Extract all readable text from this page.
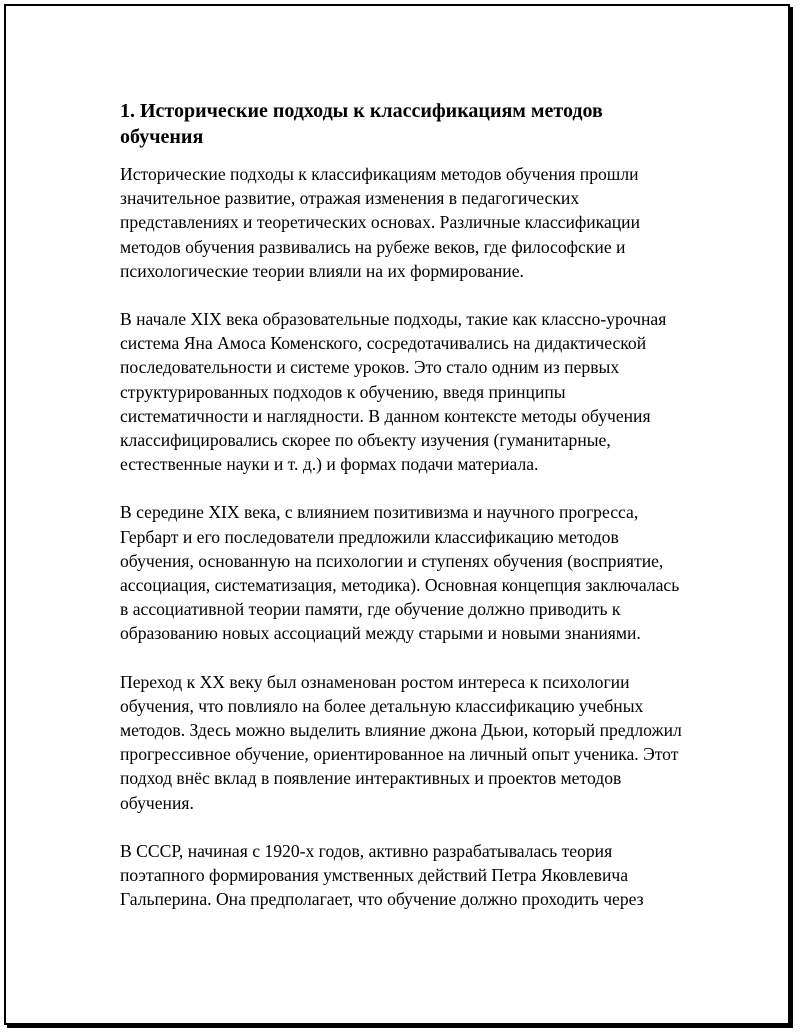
1. Исторические подходы к классификациям методов обучения

Исторические подходы к классификациям методов обучения прошли значительное развитие, отражая изменения в педагогических представлениях и теоретических основах. Различные классификации методов обучения развивались на рубеже веков, где философские и психологические теории влияли на их формирование.

В начале XIX века образовательные подходы, такие как классно-урочная система Яна Амоса Коменского, сосредотачивались на дидактической последовательности и системе уроков. Это стало одним из первых структурированных подходов к обучению, введя принципы систематичности и наглядности. В данном контексте методы обучения классифицировались скорее по объекту изучения (гуманитарные, естественные науки и т. д.) и формах подачи материала.

В середине XIX века, с влиянием позитивизма и научного прогресса, Гербарт и его последователи предложили классификацию методов обучения, основанную на психологии и ступенях обучения (восприятие, ассоциация, систематизация, методика). Основная концепция заключалась в ассоциативной теории памяти, где обучение должно приводить к образованию новых ассоциаций между старыми и новыми знаниями.

Переход к XX веку был ознаменован ростом интереса к психологии обучения, что повлияло на более детальную классификацию учебных методов. Здесь можно выделить влияние джона Дьюи, который предложил прогрессивное обучение, ориентированное на личный опыт ученика. Этот подход внёс вклад в появление интерактивных и проектов методов обучения.

В СССР, начиная с 1920-х годов, активно разрабатывалась теория поэтапного формирования умственных действий Петра Яковлевича Гальперина. Она предполагает, что обучение должно проходить через
